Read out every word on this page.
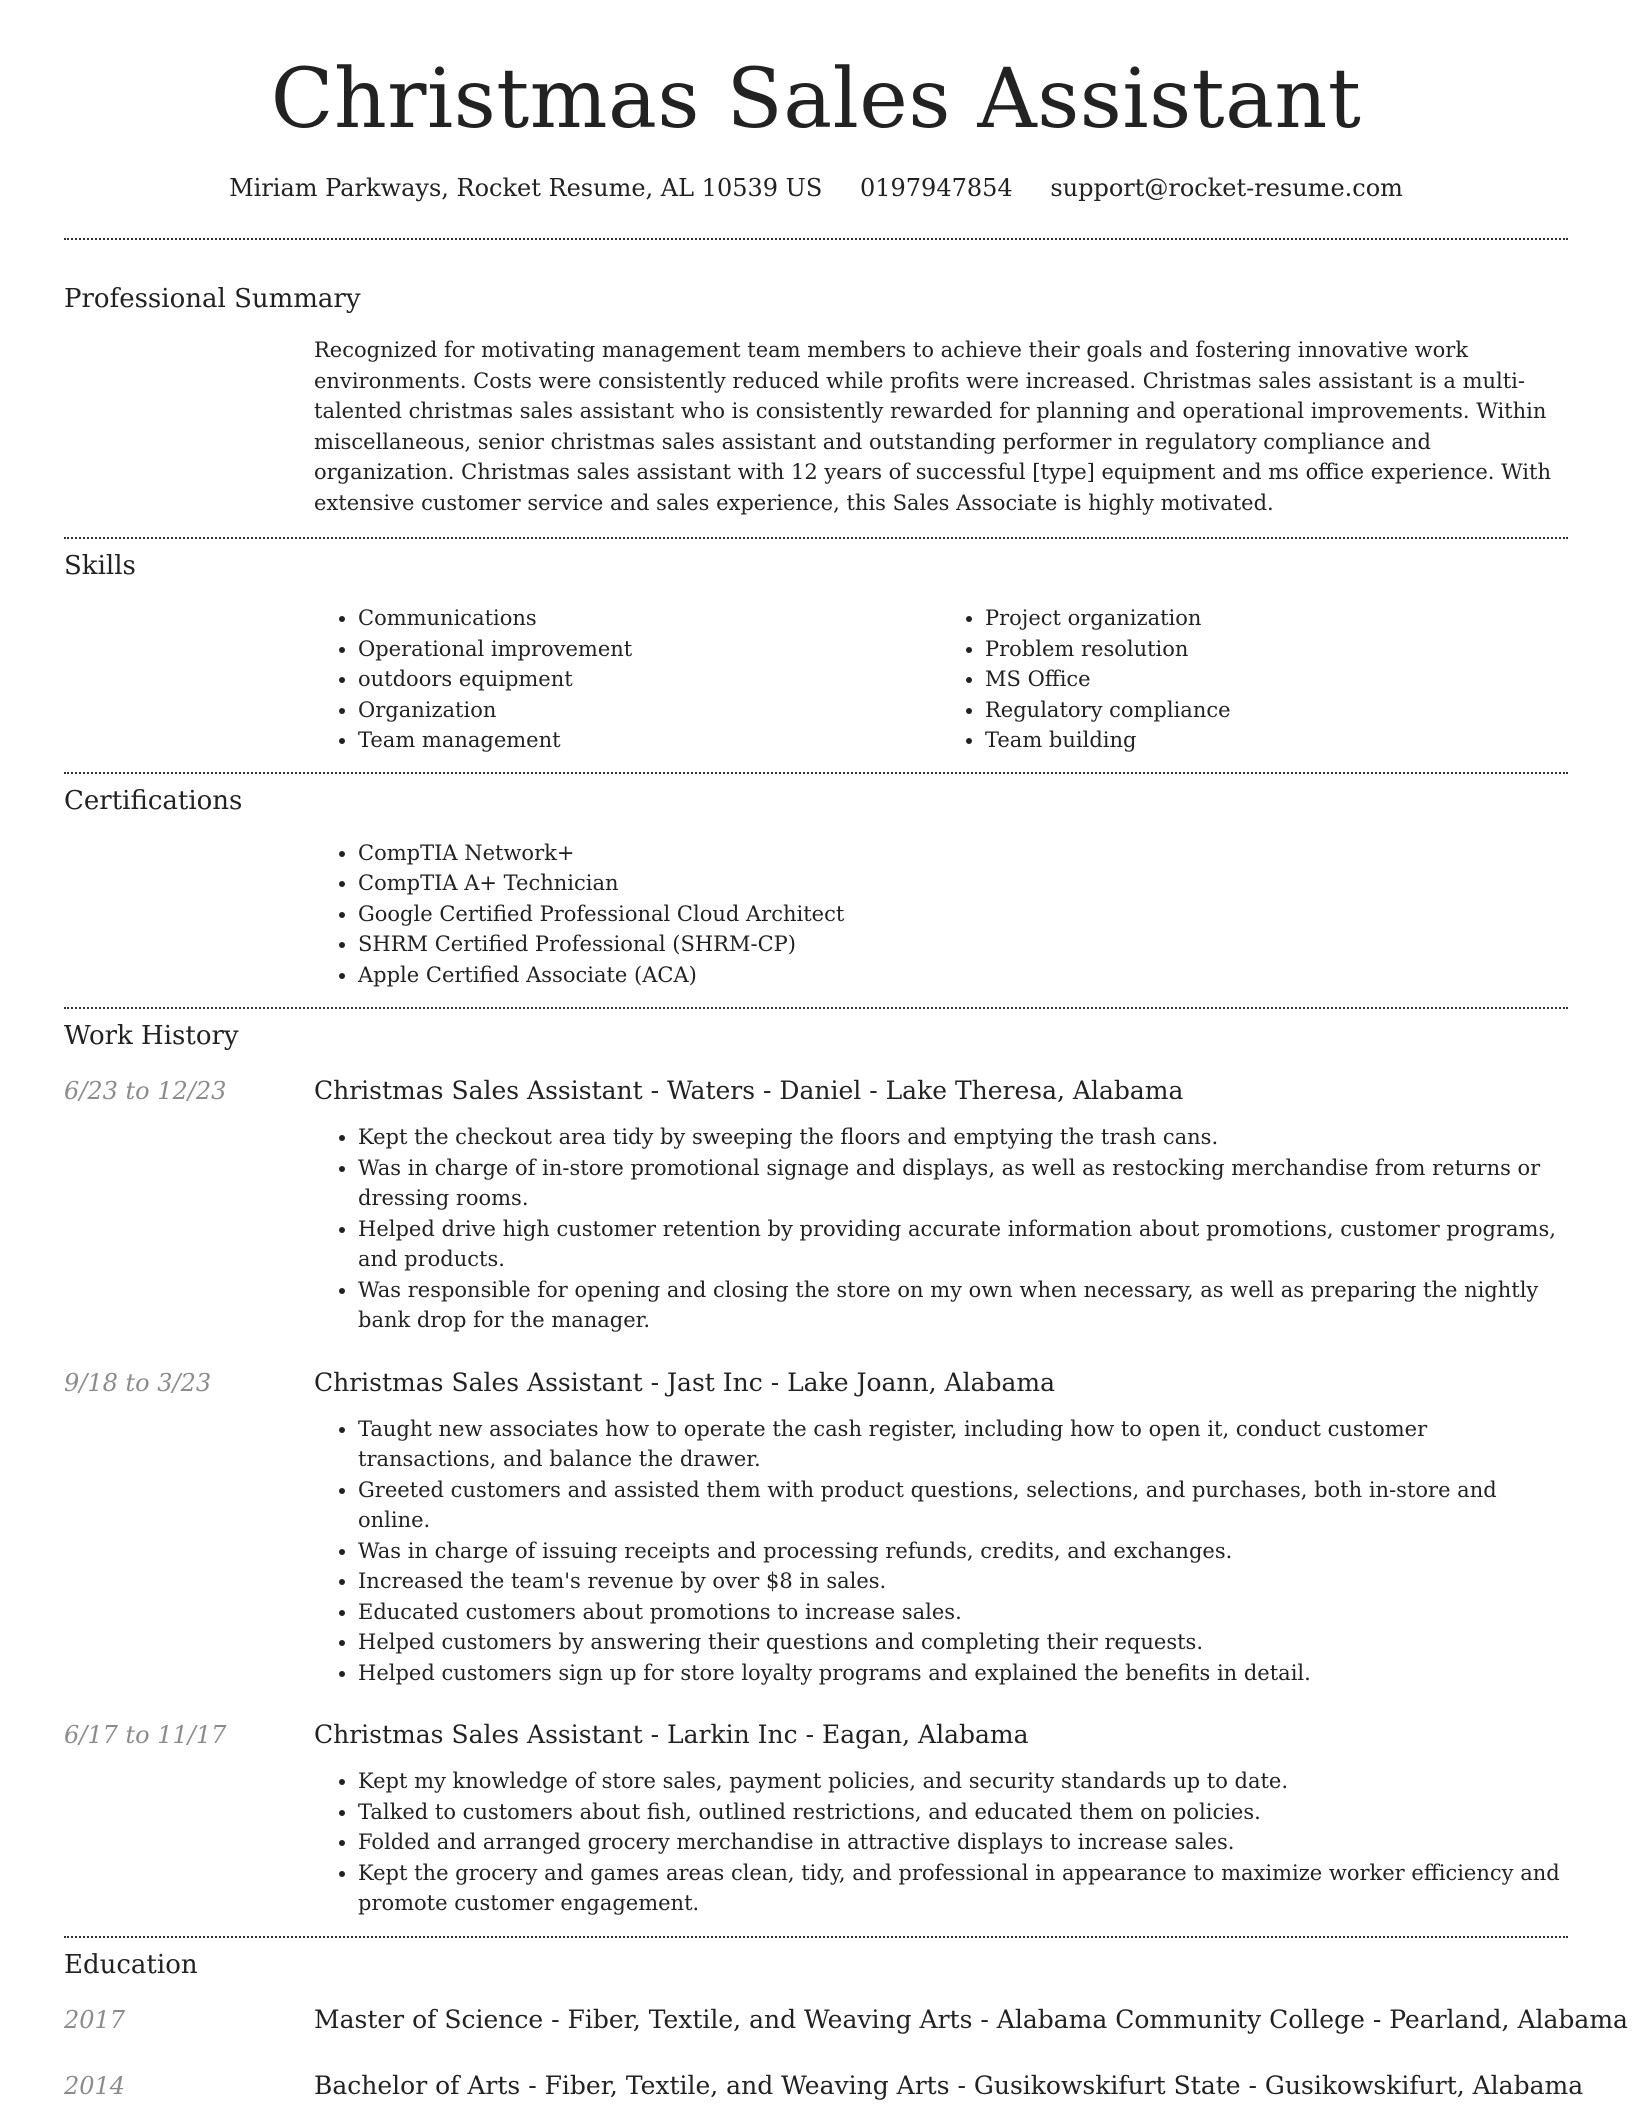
Christmas Sales Assistant
Miriam Parkways, Rocket Resume, AL 10539 US 0197947854 support@rocket-resume.com
Professional Summary
Recognized for motivating management team members to achieve their goals and fostering innovative work environments. Costs were consistently reduced while profits were increased. Christmas sales assistant is a multi-talented christmas sales assistant who is consistently rewarded for planning and operational improvements. Within miscellaneous, senior christmas sales assistant and outstanding performer in regulatory compliance and organization. Christmas sales assistant with 12 years of successful [type] equipment and ms office experience. With extensive customer service and sales experience, this Sales Associate is highly motivated.
Skills
• Communications
• Operational improvement
• outdoors equipment
• Organization
• Team management
• Project organization
• Problem resolution
• MS Office
• Regulatory compliance
• Team building
Certifications
• CompTIA Network+
• CompTIA A+ Technician
• Google Certified Professional Cloud Architect
• SHRM Certified Professional (SHRM-CP)
• Apple Certified Associate (ACA)
Work History
6/23 to 12/23	Christmas Sales Assistant - Waters - Daniel - Lake Theresa, Alabama
• Kept the checkout area tidy by sweeping the floors and emptying the trash cans.
• Was in charge of in-store promotional signage and displays, as well as restocking merchandise from returns or dressing rooms.
• Helped drive high customer retention by providing accurate information about promotions, customer programs, and products.
• Was responsible for opening and closing the store on my own when necessary, as well as preparing the nightly bank drop for the manager.
9/18 to 3/23	Christmas Sales Assistant - Jast Inc - Lake Joann, Alabama
• Taught new associates how to operate the cash register, including how to open it, conduct customer transactions, and balance the drawer.
• Greeted customers and assisted them with product questions, selections, and purchases, both in-store and online.
• Was in charge of issuing receipts and processing refunds, credits, and exchanges.
• Increased the team's revenue by over $8 in sales.
• Educated customers about promotions to increase sales.
• Helped customers by answering their questions and completing their requests.
• Helped customers sign up for store loyalty programs and explained the benefits in detail.
6/17 to 11/17	Christmas Sales Assistant - Larkin Inc - Eagan, Alabama
• Kept my knowledge of store sales, payment policies, and security standards up to date.
• Talked to customers about fish, outlined restrictions, and educated them on policies.
• Folded and arranged grocery merchandise in attractive displays to increase sales.
• Kept the grocery and games areas clean, tidy, and professional in appearance to maximize worker efficiency and promote customer engagement.
Education
2017	Master of Science - Fiber, Textile, and Weaving Arts - Alabama Community College - Pearland, Alabama
2014	Bachelor of Arts - Fiber, Textile, and Weaving Arts - Gusikowskifurt State - Gusikowskifurt, Alabama
